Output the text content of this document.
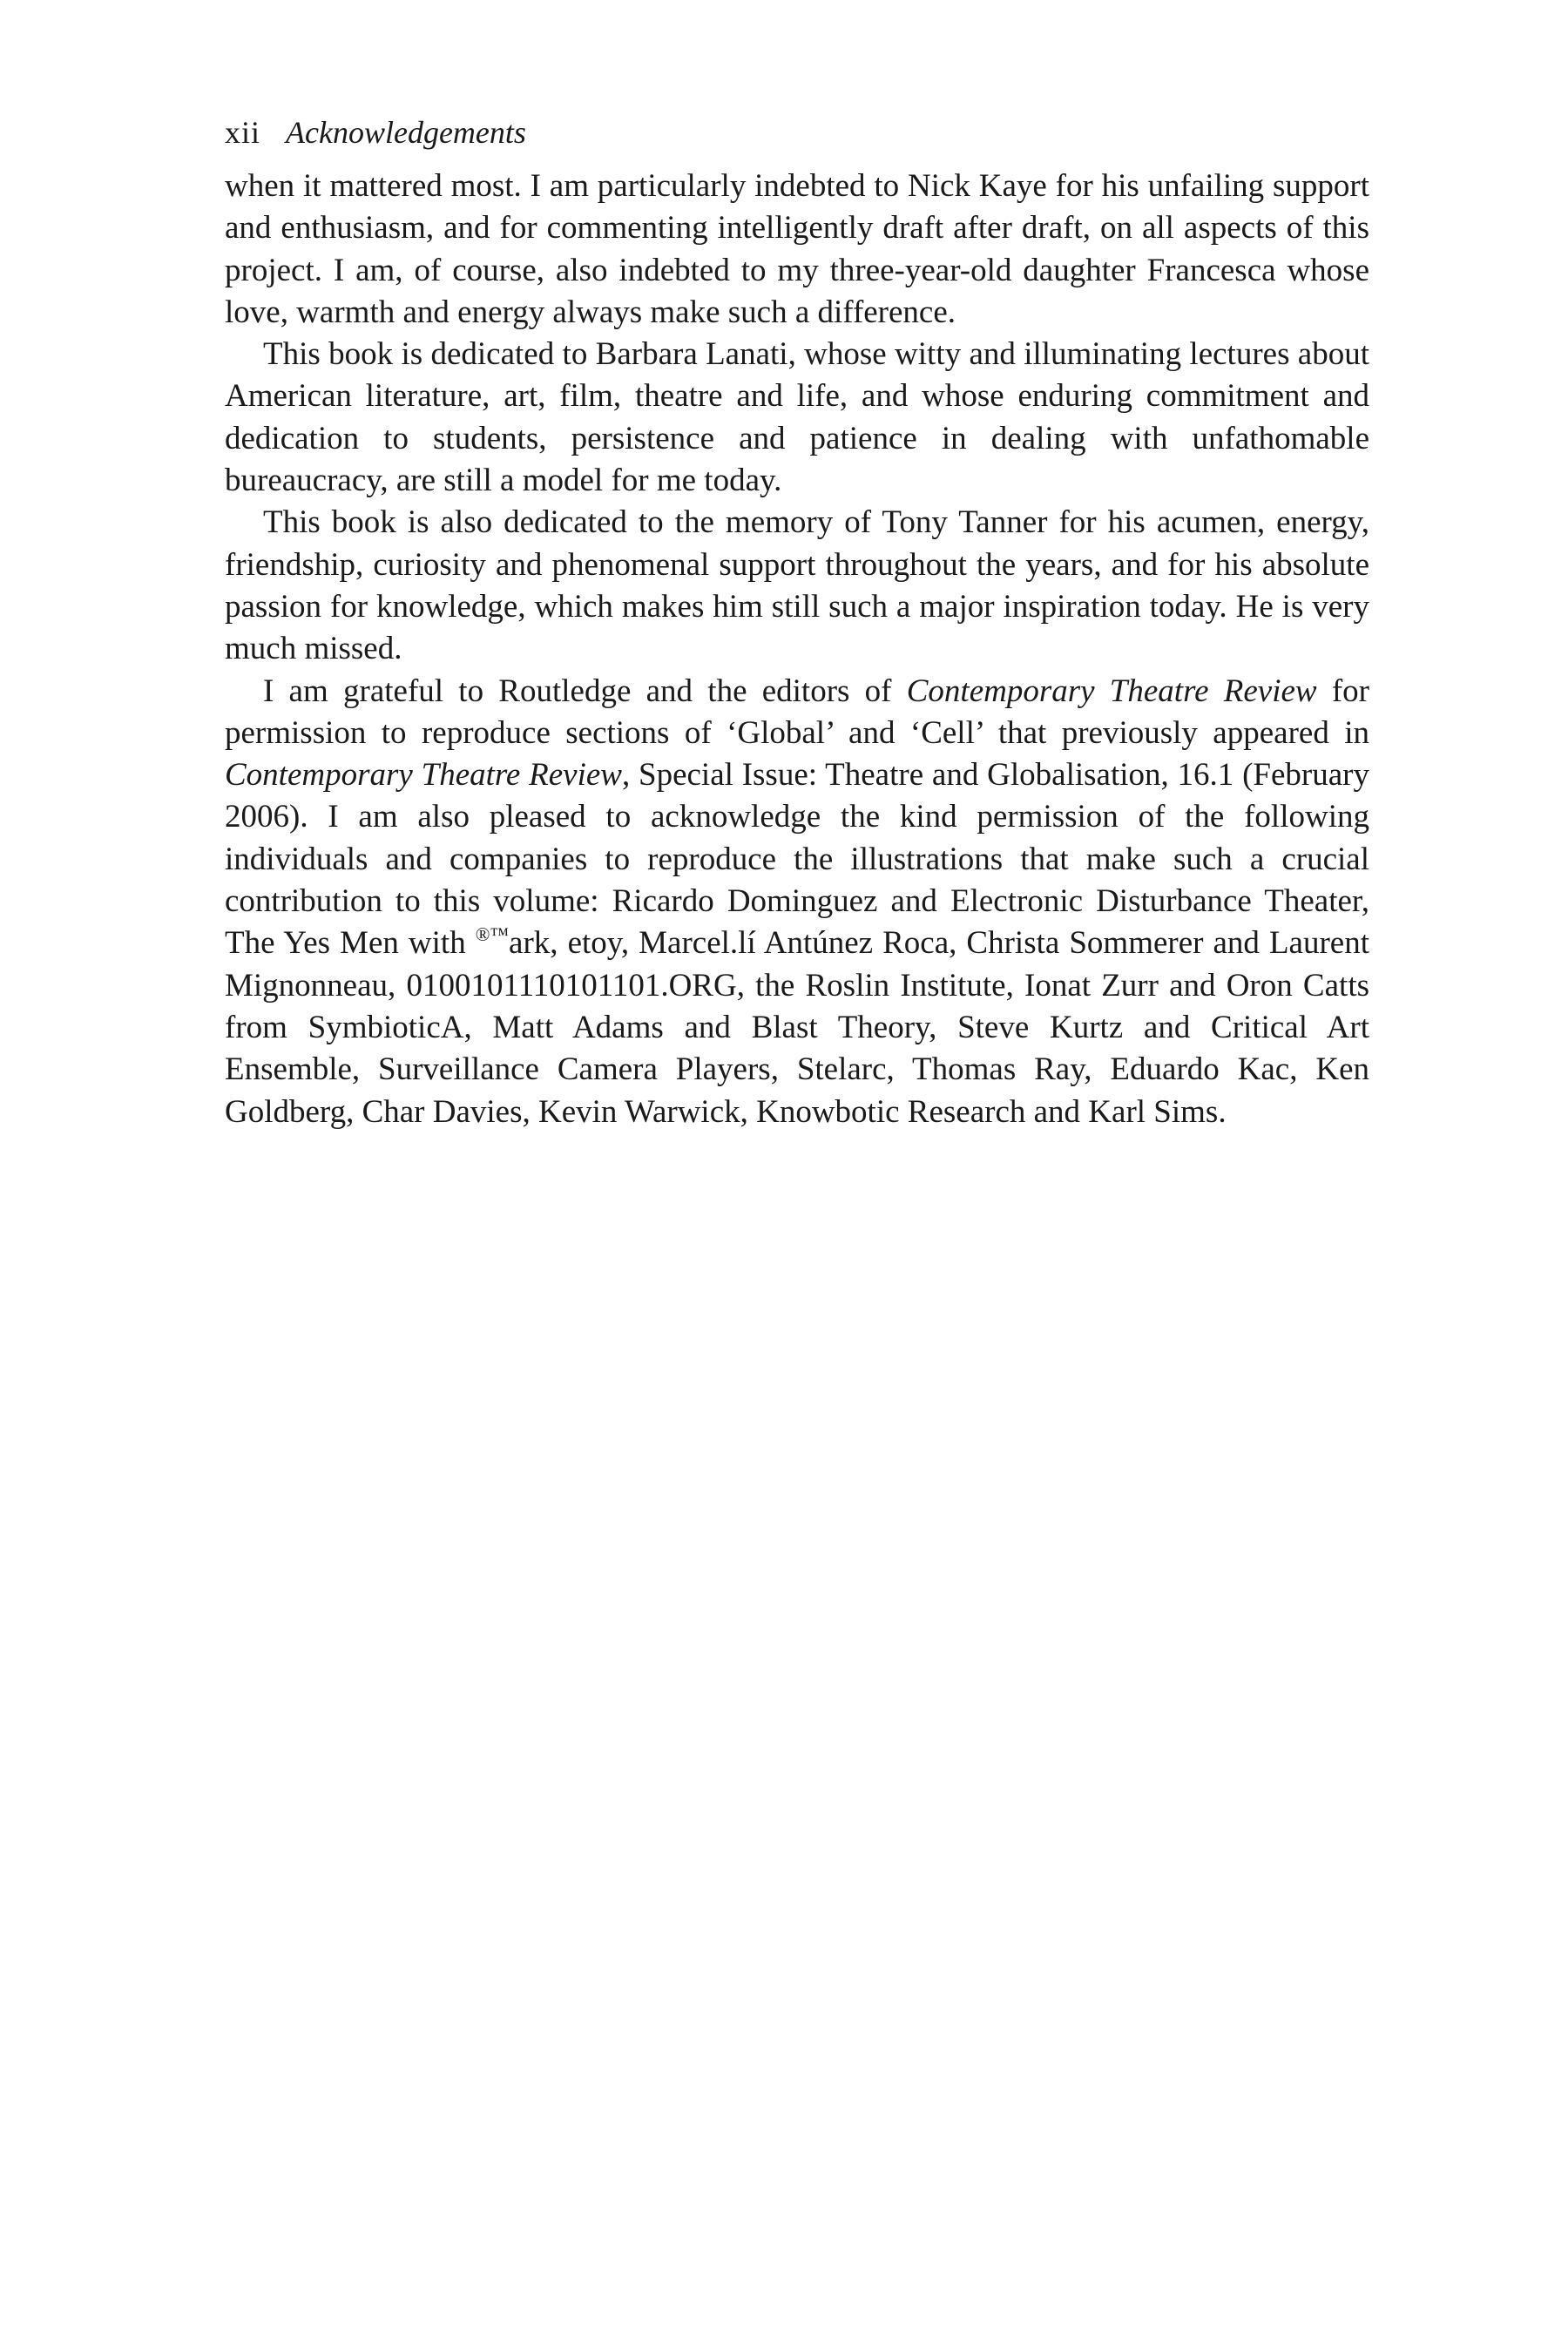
xii Acknowledgements

when it mattered most. I am particularly indebted to Nick Kaye for his unfailing support and enthusiasm, and for commenting intelligently draft after draft, on all aspects of this project. I am, of course, also indebted to my three-year-old daughter Francesca whose love, warmth and energy always make such a difference.

This book is dedicated to Barbara Lanati, whose witty and illuminating lectures about American literature, art, film, theatre and life, and whose enduring commitment and dedication to students, persistence and patience in dealing with unfathomable bureaucracy, are still a model for me today.

This book is also dedicated to the memory of Tony Tanner for his acumen, energy, friendship, curiosity and phenomenal support throughout the years, and for his absolute passion for knowledge, which makes him still such a major inspiration today. He is very much missed.

I am grateful to Routledge and the editors of Contemporary Theatre Review for permission to reproduce sections of ‘Global’ and ‘Cell’ that previously appeared in Contemporary Theatre Review, Special Issue: Theatre and Globalisation, 16.1 (February 2006). I am also pleased to acknowledge the kind permission of the following individuals and companies to reproduce the illustrations that make such a crucial contribution to this volume: Ricardo Dominguez and Electronic Disturbance Theater, The Yes Men with ®™ark, etoy, Marcel.lí Antúnez Roca, Christa Sommerer and Laurent Mignonneau, 0100101110101101.ORG, the Roslin Institute, Ionat Zurr and Oron Catts from SymbioticA, Matt Adams and Blast Theory, Steve Kurtz and Critical Art Ensemble, Surveillance Camera Players, Stelarc, Thomas Ray, Eduardo Kac, Ken Goldberg, Char Davies, Kevin Warwick, Knowbotic Research and Karl Sims.
